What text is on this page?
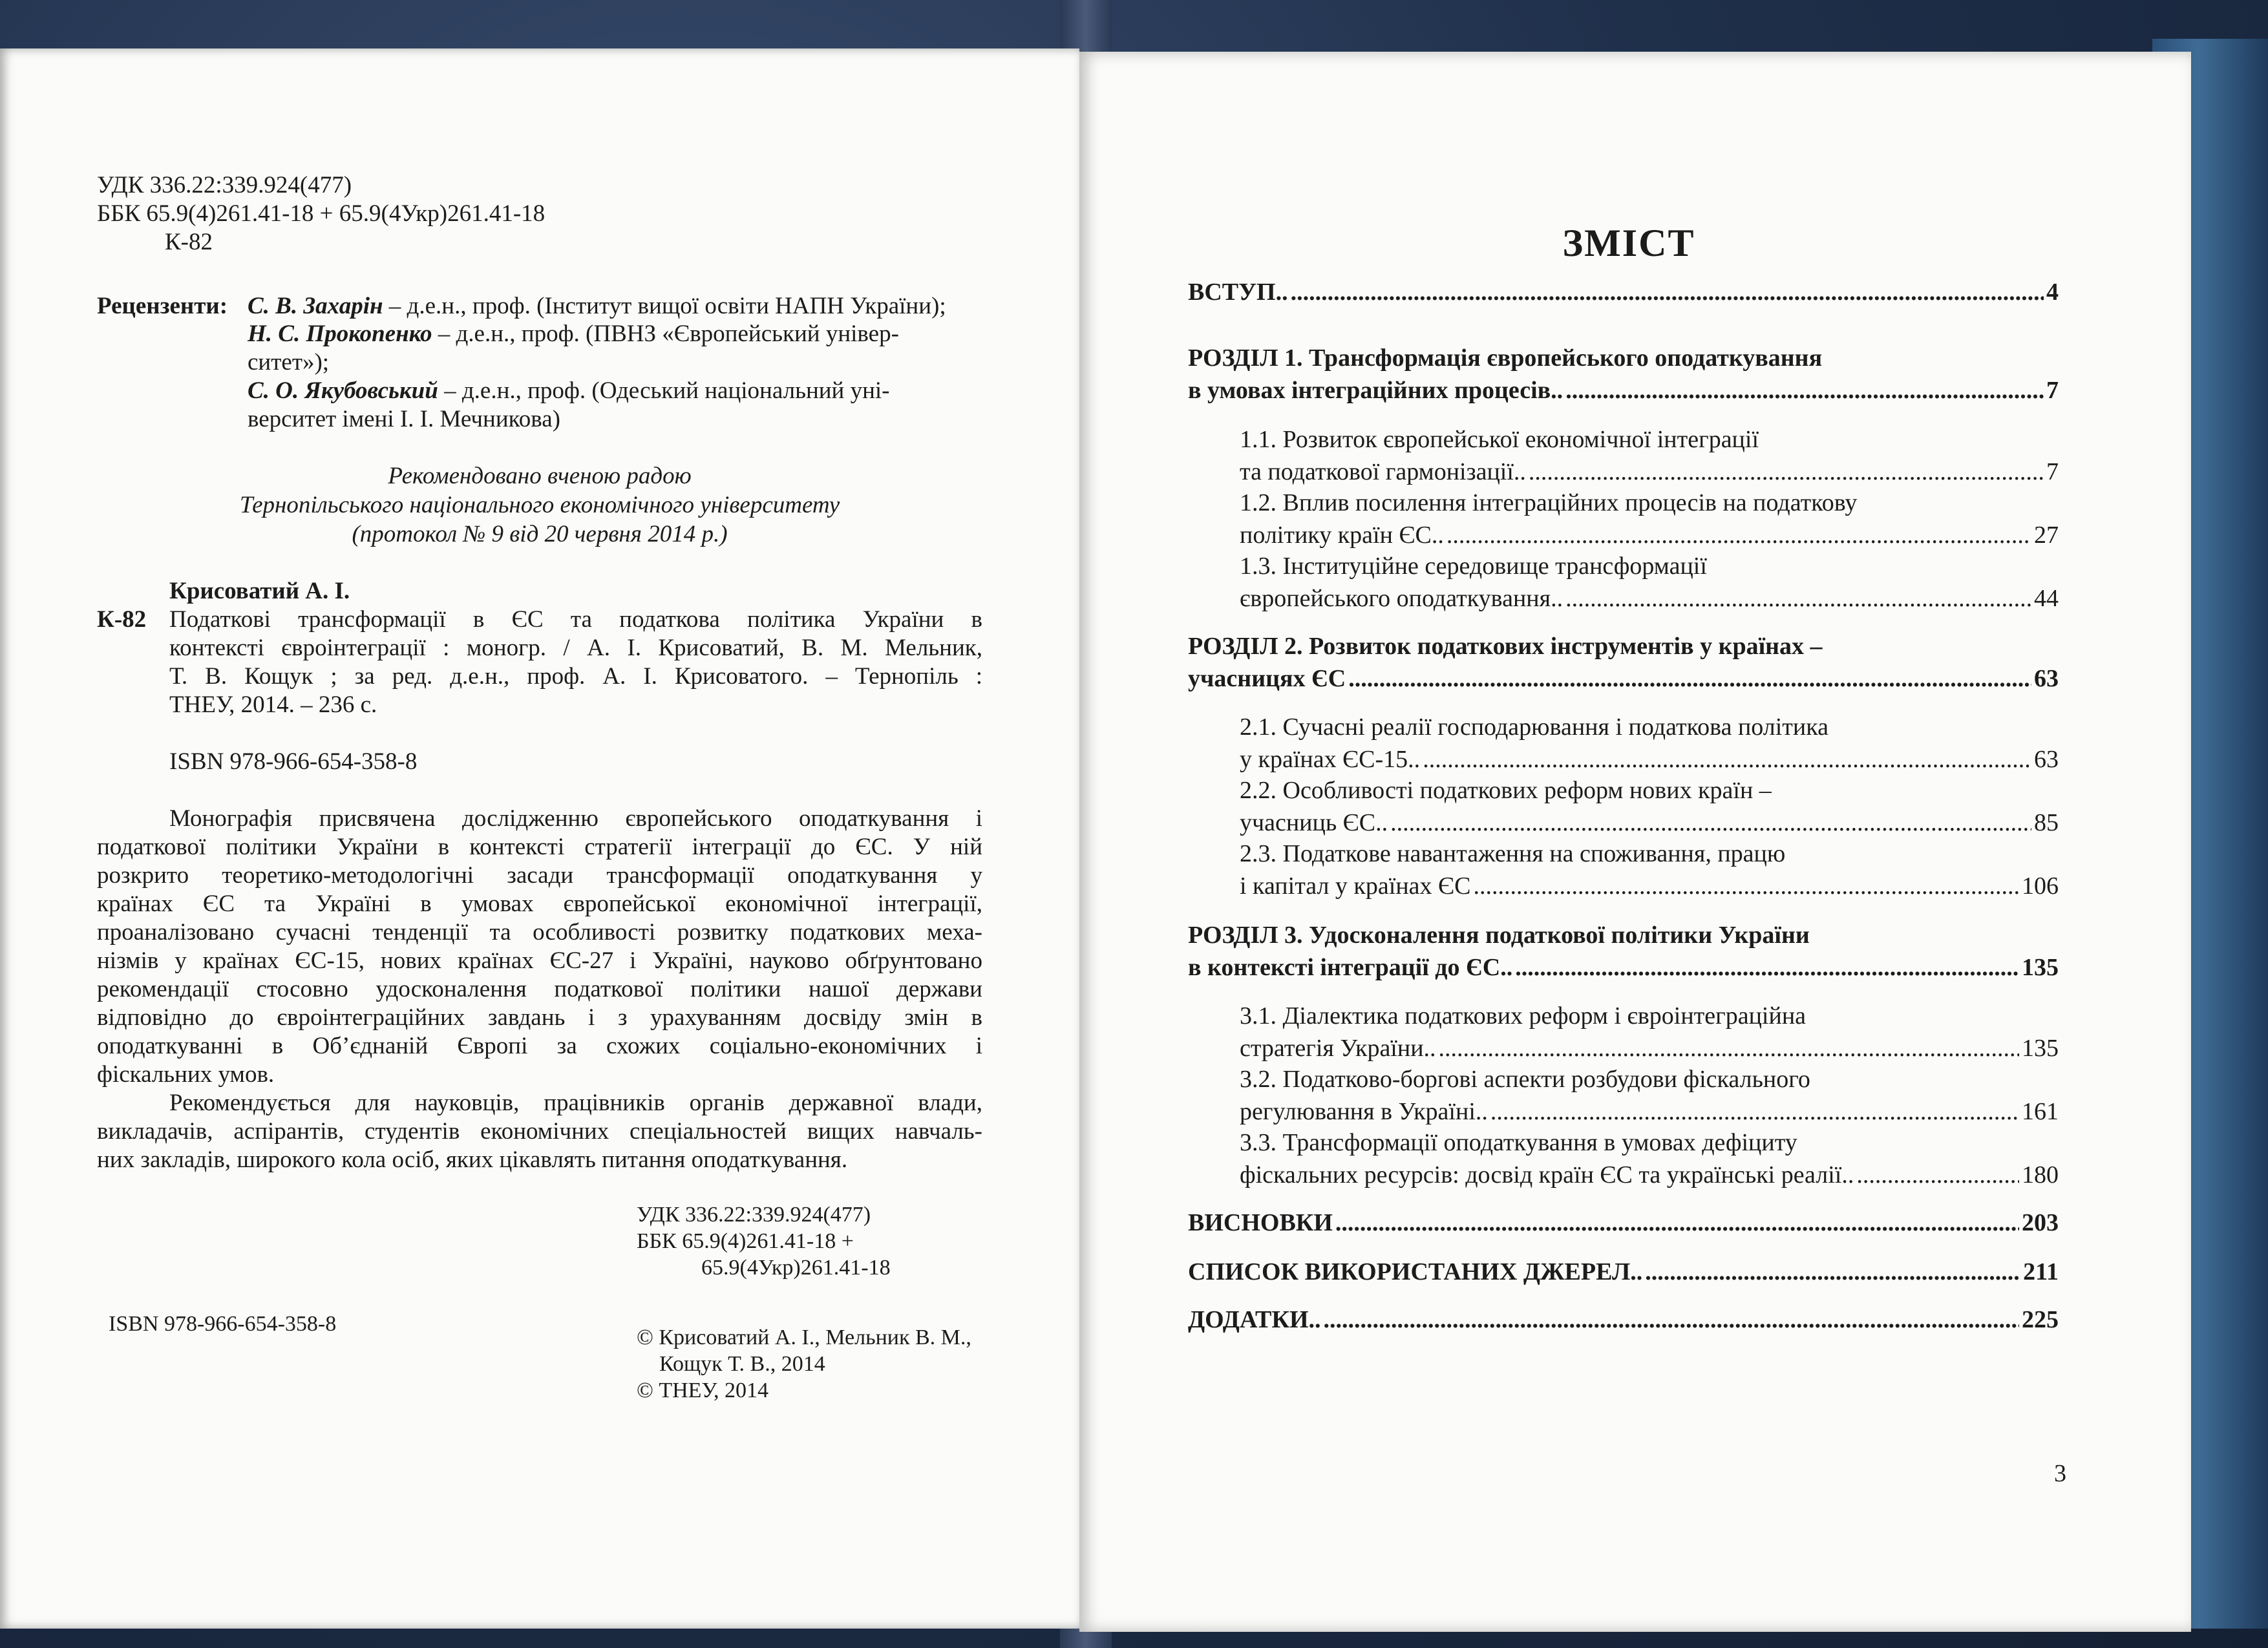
УДК 336.22:339.924(477)
ББК 65.9(4)261.41-18 + 65.9(4Укр)261.41-18
К-82
Рецензенти: С. В. Захарін – д.е.н., проф. (Інститут вищої освіти НАПН України);
Н. С. Прокопенко – д.е.н., проф. (ПВНЗ «Європейський універ-
ситет»);
С. О. Якубовський – д.е.н., проф. (Одеський національний уні-
верситет імені І. І. Мечникова)
Рекомендовано вченою радою
Тернопільського національного економічного університету
(протокол № 9 від 20 червня 2014 р.)
Крисоватий А. І.
К-82 Податкові трансформації в ЄС та податкова політика України в
контексті євроінтеграції : моногр. / А. І. Крисоватий, В. М. Мельник,
Т. В. Кощук ; за ред. д.е.н., проф. А. І. Крисоватого. – Тернопіль :
ТНЕУ, 2014. – 236 с.
ISBN 978-966-654-358-8
Монографія присвячена дослідженню європейського оподаткування і
податкової політики України в контексті стратегії інтеграції до ЄС. У ній
розкрито теоретико-методологічні засади трансформації оподаткування у
країнах ЄС та Україні в умовах європейської економічної інтеграції,
проаналізовано сучасні тенденції та особливості розвитку податкових меха-
нізмів у країнах ЄС-15, нових країнах ЄС-27 і Україні, науково обґрунтовано
рекомендації стосовно удосконалення податкової політики нашої держави
відповідно до євроінтеграційних завдань і з урахуванням досвіду змін в
оподаткуванні в Об’єднаній Європі за схожих соціально-економічних і
фіскальних умов.
Рекомендується для науковців, працівників органів державної влади,
викладачів, аспірантів, студентів економічних спеціальностей вищих навчаль-
них закладів, широкого кола осіб, яких цікавлять питання оподаткування.
УДК 336.22:339.924(477)
ББК 65.9(4)261.41-18 +
65.9(4Укр)261.41-18
ISBN 978-966-654-358-8
© Крисоватий А. І., Мельник В. М.,
Кощук Т. В., 2014
© ТНЕУ, 2014
ЗМІСТ
ВСТУП.. .....	4
РОЗДІЛ 1. Трансформація європейського оподаткування
в умовах інтеграційних процесів.. .....	7
1.1. Розвиток європейської економічної інтеграції
та податкової гармонізації.. .....	7
1.2. Вплив посилення інтеграційних процесів на податкову
політику країн ЄС.. .....	27
1.3. Інституційне середовище трансформації
європейського оподаткування.. .....	44
РОЗДІЛ 2. Розвиток податкових інструментів у країнах –
учасницях ЄС .....	63
2.1. Сучасні реалії господарювання і податкова політика
у країнах ЄС-15.. .....	63
2.2. Особливості податкових реформ нових країн –
учасниць ЄС.. .....	85
2.3. Податкове навантаження на споживання, працю
і капітал у країнах ЄС .....	106
РОЗДІЛ 3. Удосконалення податкової політики України
в контексті інтеграції до ЄС.. .....	135
3.1. Діалектика податкових реформ і євроінтеграційна
стратегія України.. .....	135
3.2. Податково-боргові аспекти розбудови фіскального
регулювання в Україні.. .....	161
3.3. Трансформації оподаткування в умовах дефіциту
фіскальних ресурсів: досвід країн ЄС та українські реалії.. .....	180
ВИСНОВКИ .....	203
СПИСОК ВИКОРИСТАНИХ ДЖЕРЕЛ.. .....	211
ДОДАТКИ.. .....	225
3
